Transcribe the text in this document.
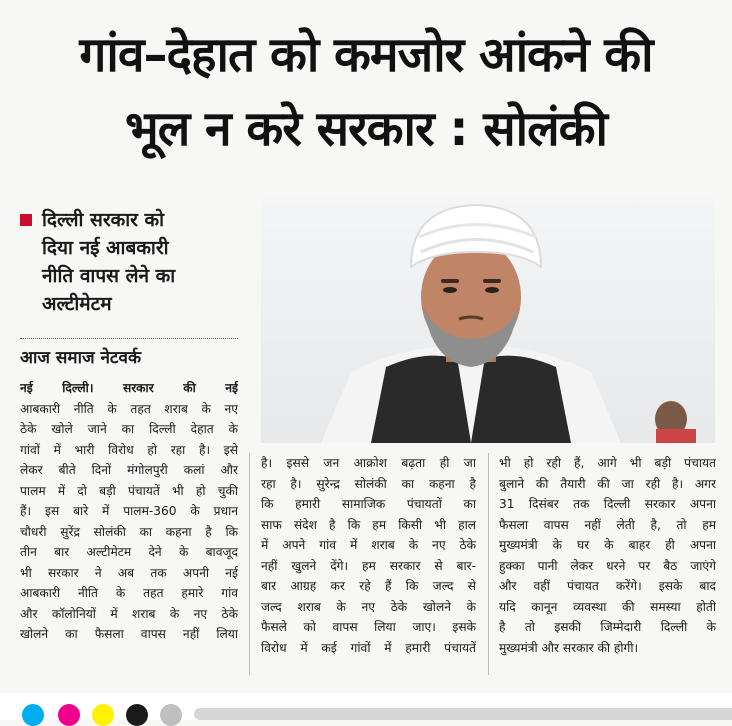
गांव–देहात को कमजोर आंकने की
भूल न करे सरकार : सोलंकी
दिल्ली सरकार को
दिया नई आबकारी
नीति वापस लेने का
अल्टीमेटम
आज समाज नेटवर्क
नई दिल्ली। सरकार की नई
आबकारी नीति के तहत शराब के नए
ठेके खोले जाने का दिल्ली देहात के
गांवों में भारी विरोध हो रहा है। इसे
लेकर बीते दिनों मंगोलपुरी कलां और
पालम में दो बड़ी पंचायतें भी हो चुकी
हैं। इस बारे में पालम-360 के प्रधान
चौधरी सुरेंद्र सोलंकी का कहना है कि
तीन बार अल्टीमेटम देने के बावजूद
भी सरकार ने अब तक अपनी नई
आबकारी नीति के तहत हमारे गांव
और कॉलोनियों में शराब के नए ठेके
खोलने का फैसला वापस नहीं लिया
है। इससे जन आक्रोश बढ़ता ही जा
रहा है। सुरेन्द्र सोलंकी का कहना है
कि हमारी सामाजिक पंचायतों का
साफ संदेश है कि हम किसी भी हाल
में अपने गांव में शराब के नए ठेके
नहीं खुलने देंगे। हम सरकार से बार-
बार आग्रह कर रहे हैं कि जल्द से
जल्द शराब के नए ठेके खोलने के
फैसले को वापस लिया जाए। इसके
विरोध में कई गांवों में हमारी पंचायतें
भी हो रही हैं, आगे भी बड़ी पंचायत
बुलाने की तैयारी की जा रही है। अगर
31 दिसंबर तक दिल्ली सरकार अपना
फैसला वापस नहीं लेती है, तो हम
मुख्यमंत्री के घर के बाहर ही अपना
हुक्का पानी लेकर धरने पर बैठ जाएंगे
और वहीं पंचायत करेंगे। इसके बाद
यदि कानून व्यवस्था की समस्या होती
है तो इसकी जिम्मेदारी दिल्ली के
मुख्यमंत्री और सरकार की होगी।
